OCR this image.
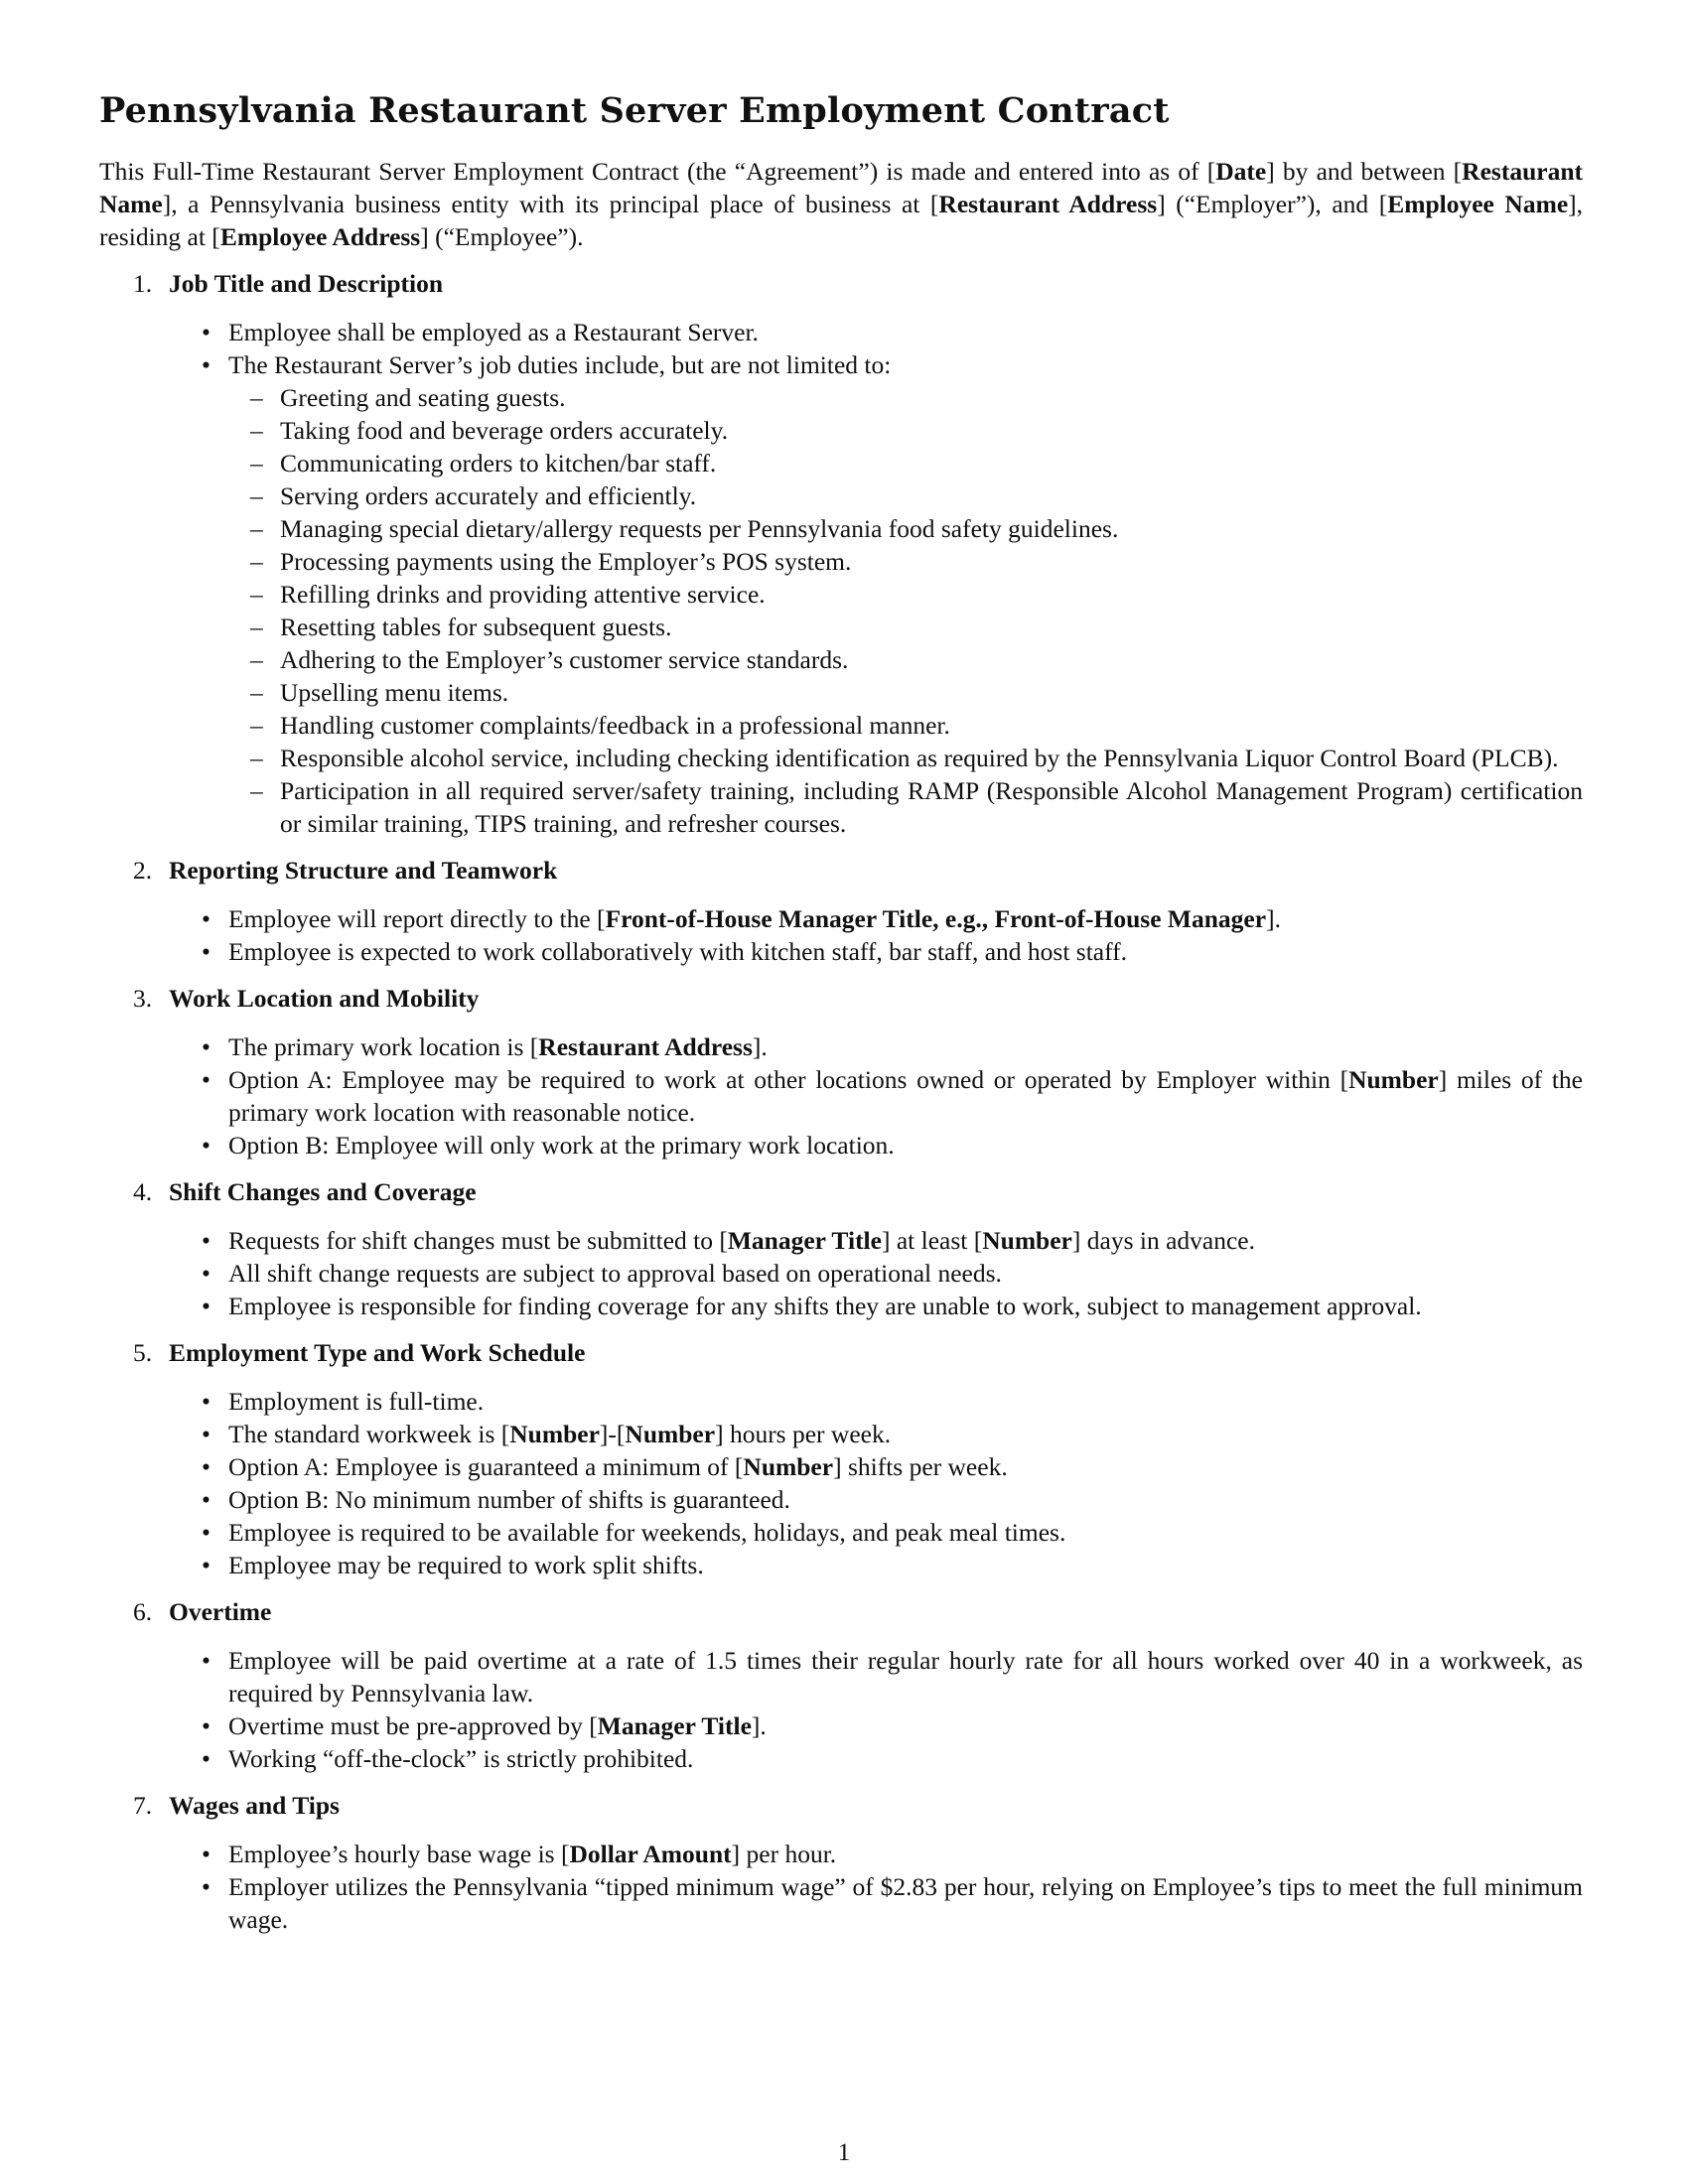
Pennsylvania Restaurant Server Employment Contract

This Full-Time Restaurant Server Employment Contract (the “Agreement”) is made and entered into as of [Date] by and between [Restaurant Name], a Pennsylvania business entity with its principal place of business at [Restaurant Address] (“Employer”), and [Employee Name], residing at [Employee Address] (“Employee”).

1. Job Title and Description
• Employee shall be employed as a Restaurant Server.
• The Restaurant Server’s job duties include, but are not limited to:
– Greeting and seating guests.
– Taking food and beverage orders accurately.
– Communicating orders to kitchen/bar staff.
– Serving orders accurately and efficiently.
– Managing special dietary/allergy requests per Pennsylvania food safety guidelines.
– Processing payments using the Employer’s POS system.
– Refilling drinks and providing attentive service.
– Resetting tables for subsequent guests.
– Adhering to the Employer’s customer service standards.
– Upselling menu items.
– Handling customer complaints/feedback in a professional manner.
– Responsible alcohol service, including checking identification as required by the Pennsylvania Liquor Control Board (PLCB).
– Participation in all required server/safety training, including RAMP (Responsible Alcohol Management Program) certification or similar training, TIPS training, and refresher courses.
2. Reporting Structure and Teamwork
• Employee will report directly to the [Front-of-House Manager Title, e.g., Front-of-House Manager].
• Employee is expected to work collaboratively with kitchen staff, bar staff, and host staff.
3. Work Location and Mobility
• The primary work location is [Restaurant Address].
• Option A: Employee may be required to work at other locations owned or operated by Employer within [Number] miles of the primary work location with reasonable notice.
• Option B: Employee will only work at the primary work location.
4. Shift Changes and Coverage
• Requests for shift changes must be submitted to [Manager Title] at least [Number] days in advance.
• All shift change requests are subject to approval based on operational needs.
• Employee is responsible for finding coverage for any shifts they are unable to work, subject to management approval.
5. Employment Type and Work Schedule
• Employment is full-time.
• The standard workweek is [Number]-[Number] hours per week.
• Option A: Employee is guaranteed a minimum of [Number] shifts per week.
• Option B: No minimum number of shifts is guaranteed.
• Employee is required to be available for weekends, holidays, and peak meal times.
• Employee may be required to work split shifts.
6. Overtime
• Employee will be paid overtime at a rate of 1.5 times their regular hourly rate for all hours worked over 40 in a workweek, as required by Pennsylvania law.
• Overtime must be pre-approved by [Manager Title].
• Working “off-the-clock” is strictly prohibited.
7. Wages and Tips
• Employee’s hourly base wage is [Dollar Amount] per hour.
• Employer utilizes the Pennsylvania “tipped minimum wage” of $2.83 per hour, relying on Employee’s tips to meet the full minimum wage.
1
